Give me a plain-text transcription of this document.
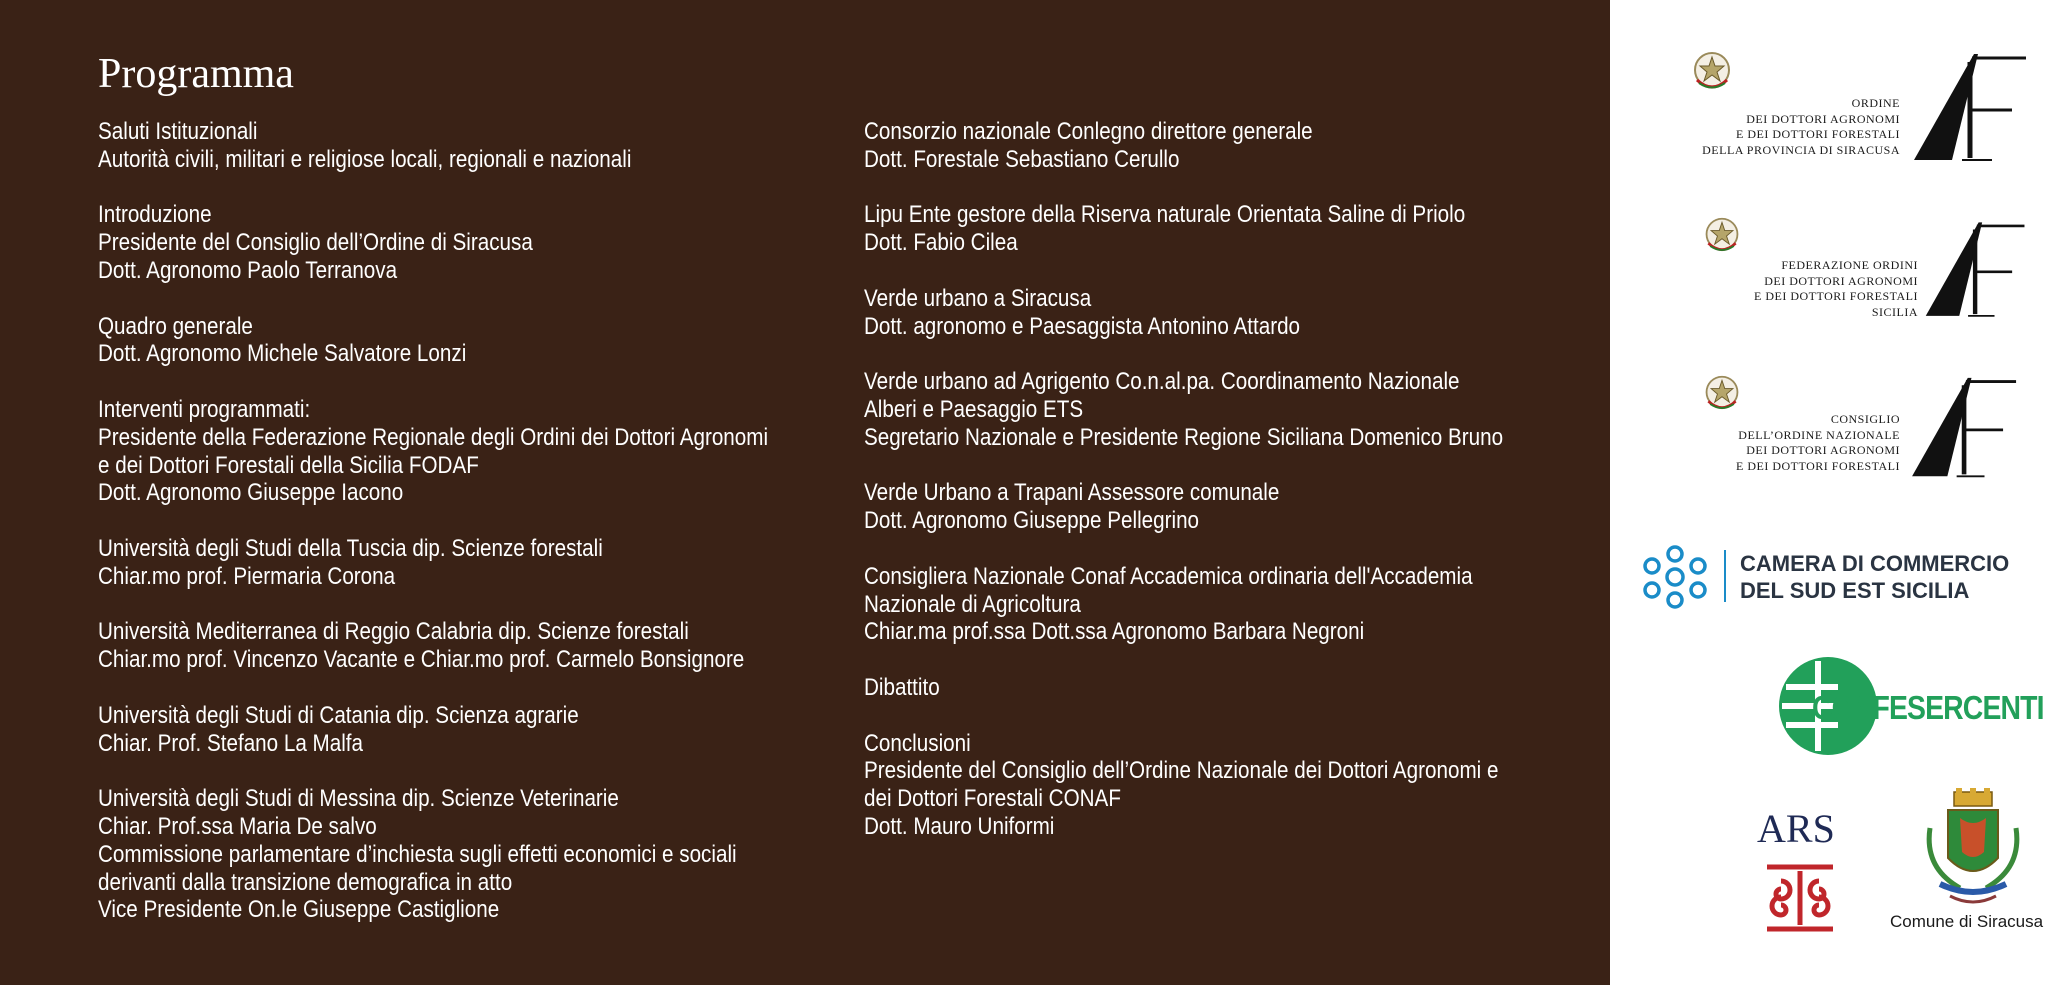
Programma
Saluti Istituzionali
Autorità civili, militari e religiose locali, regionali e nazionali
Introduzione
Presidente del Consiglio dell’Ordine di Siracusa
Dott. Agronomo Paolo Terranova
Quadro generale
Dott. Agronomo Michele Salvatore Lonzi
Interventi programmati:
Presidente della Federazione Regionale degli Ordini dei Dottori Agronomi
e dei Dottori Forestali della Sicilia FODAF
Dott. Agronomo Giuseppe Iacono
Università degli Studi della Tuscia dip. Scienze forestali
Chiar.mo prof. Piermaria Corona
Università Mediterranea di Reggio Calabria dip. Scienze forestali
Chiar.mo prof. Vincenzo Vacante e Chiar.mo prof. Carmelo Bonsignore
Università degli Studi di Catania dip. Scienza agrarie
Chiar. Prof. Stefano La Malfa
Università degli Studi di Messina dip. Scienze Veterinarie
Chiar. Prof.ssa Maria De salvo
Commissione parlamentare d’inchiesta sugli effetti economici e sociali
derivanti dalla transizione demografica in atto
Vice Presidente On.le Giuseppe Castiglione
Consorzio nazionale Conlegno direttore generale
Dott. Forestale Sebastiano Cerullo
Lipu Ente gestore della Riserva naturale Orientata Saline di Priolo
Dott. Fabio Cilea
Verde urbano a Siracusa
Dott. agronomo e Paesaggista Antonino Attardo
Verde urbano ad Agrigento Co.n.al.pa. Coordinamento Nazionale
Alberi e Paesaggio ETS
Segretario Nazionale e Presidente Regione Siciliana Domenico Bruno
Verde Urbano a Trapani Assessore comunale
Dott. Agronomo Giuseppe Pellegrino
Consigliera Nazionale Conaf Accademica ordinaria dell'Accademia
Nazionale di Agricoltura
Chiar.ma prof.ssa Dott.ssa Agronomo Barbara Negroni
Dibattito
Conclusioni
Presidente del Consiglio dell’Ordine Nazionale dei Dottori Agronomi e
dei Dottori Forestali CONAF
Dott. Mauro Uniformi
ORDINE
DEI DOTTORI AGRONOMI
E DEI DOTTORI FORESTALI
DELLA PROVINCIA DI SIRACUSA
FEDERAZIONE ORDINI
DEI DOTTORI AGRONOMI
E DEI DOTTORI FORESTALI
SICILIA
CONSIGLIO
DELL’ORDINE NAZIONALE
DEI DOTTORI AGRONOMI
E DEI DOTTORI FORESTALI
CAMERA DI COMMERCIO
DEL SUD EST SICILIA
CONFESERCENTI
ARS
Comune di Siracusa
